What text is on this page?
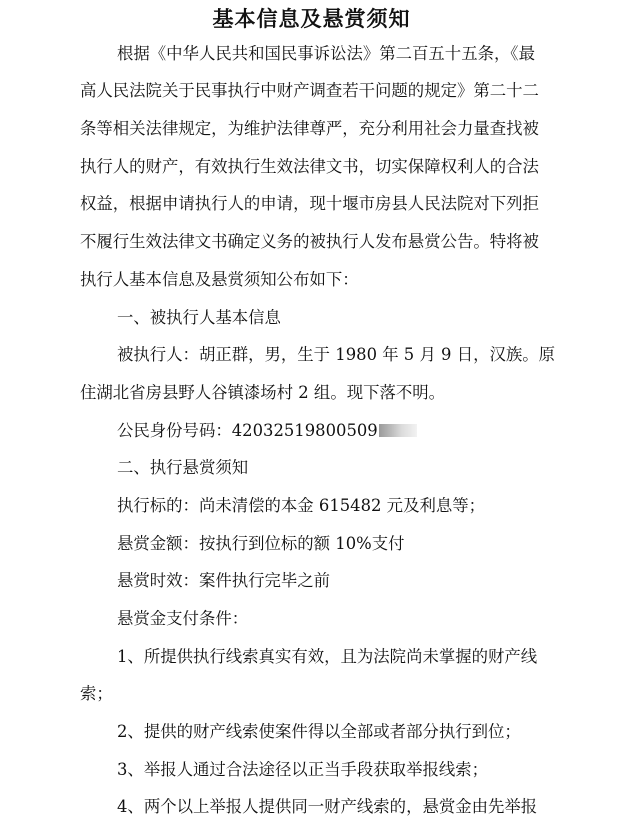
基本信息及悬赏须知

根据《中华人民共和国民事诉讼法》第二百五十五条，《最

高人民法院关于民事执行中财产调查若干问题的规定》第二十二

条等相关法律规定，为维护法律尊严，充分利用社会力量查找被

执行人的财产，有效执行生效法律文书，切实保障权利人的合法

权益，根据申请执行人的申请，现十堰市房县人民法院对下列拒

不履行生效法律文书确定义务的被执行人发布悬赏公告。特将被

执行人基本信息及悬赏须知公布如下：

一、被执行人基本信息

被执行人：胡正群，男，生于 1980 年 5 月 9 日，汉族。原

住湖北省房县野人谷镇漆场村 2 组。现下落不明。

公民身份号码：42032519800509

二、执行悬赏须知

执行标的：尚未清偿的本金 615482 元及利息等；

悬赏金额：按执行到位标的额 10%支付

悬赏时效：案件执行完毕之前

悬赏金支付条件：

1、所提供执行线索真实有效，且为法院尚未掌握的财产线

索；

2、提供的财产线索使案件得以全部或者部分执行到位；

3、举报人通过合法途径以正当手段获取举报线索；

4、两个以上举报人提供同一财产线索的，悬赏金由先举报
